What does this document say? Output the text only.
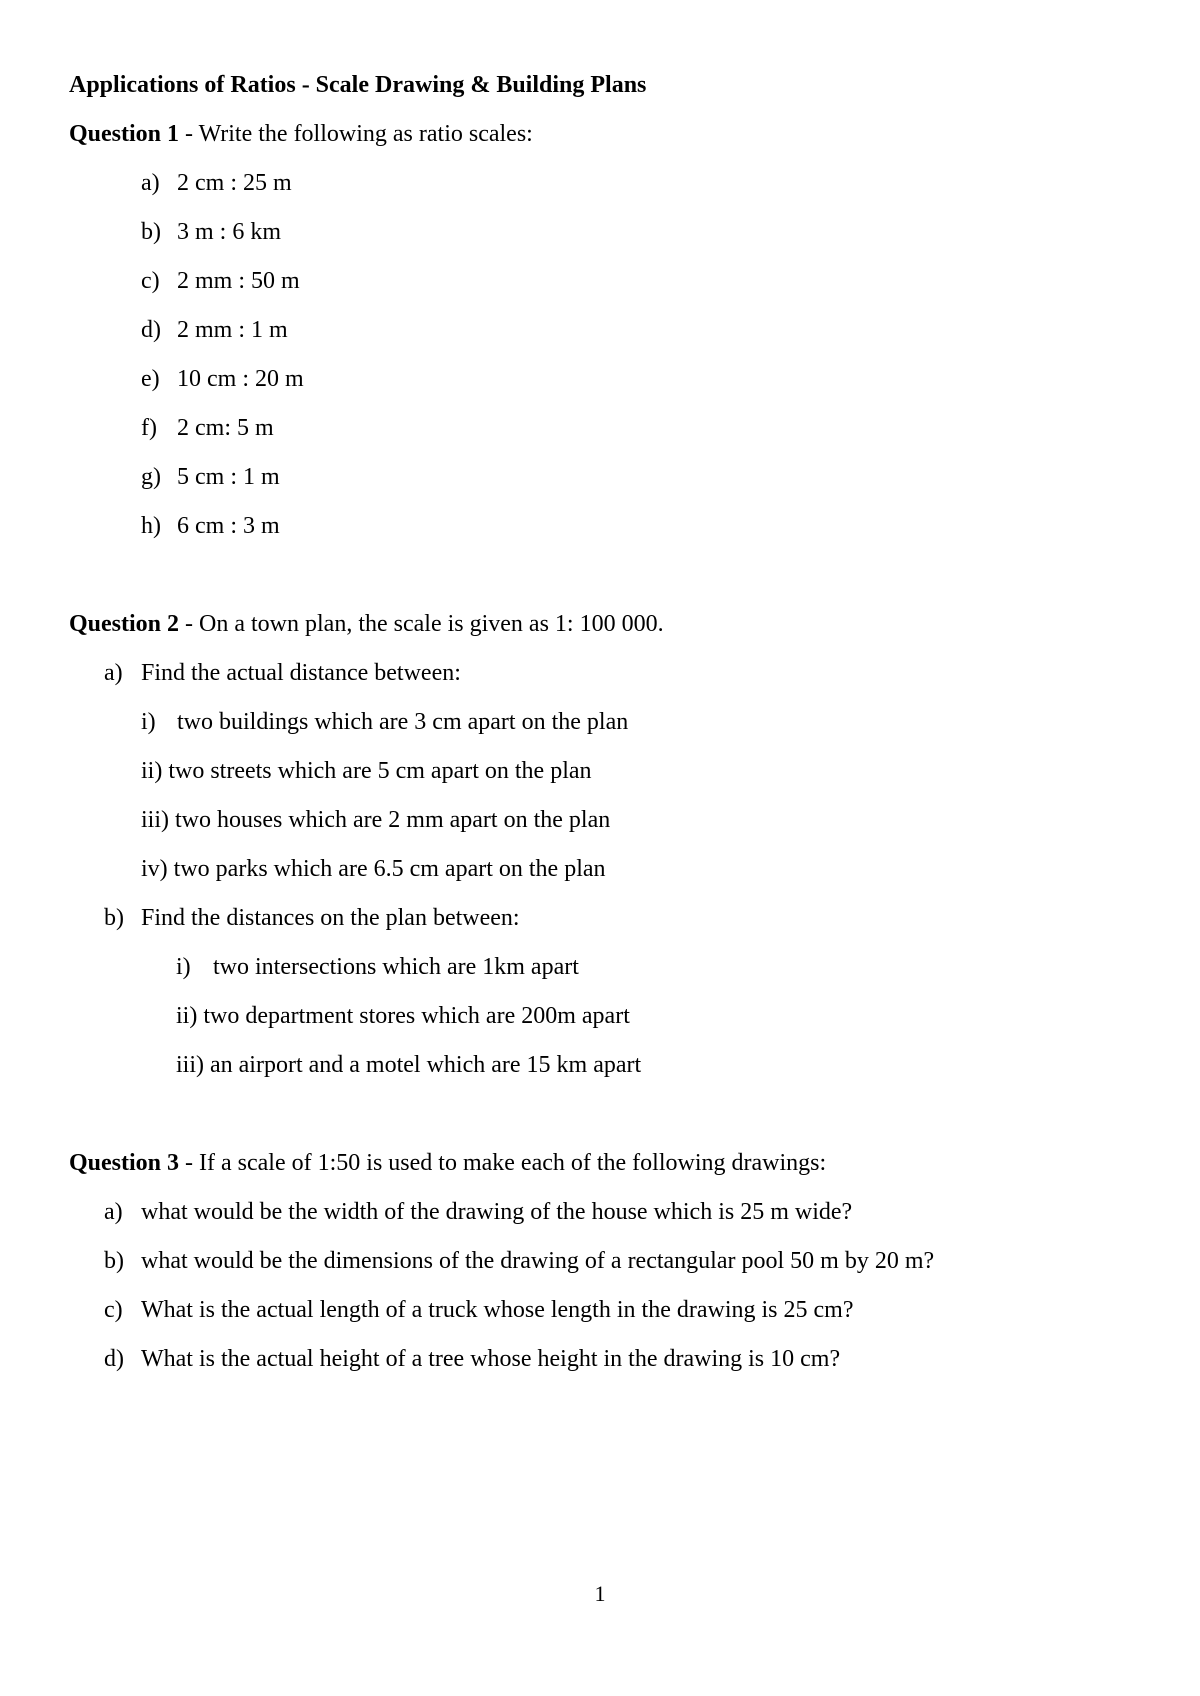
Applications of Ratios - Scale Drawing & Building Plans
Question 1 - Write the following as ratio scales:
a) 2 cm : 25 m
b) 3 m : 6 km
c) 2 mm : 50 m
d) 2 mm : 1 m
e) 10 cm : 20 m
f) 2 cm: 5 m
g) 5 cm : 1 m
h) 6 cm : 3 m
Question 2 - On a town plan, the scale is given as 1: 100 000.
a) Find the actual distance between:
i) two buildings which are 3 cm apart on the plan
ii) two streets which are 5 cm apart on the plan
iii) two houses which are 2 mm apart on the plan
iv) two parks which are 6.5 cm apart on the plan
b) Find the distances on the plan between:
i) two intersections which are 1km apart
ii) two department stores which are 200m apart
iii) an airport and a motel which are 15 km apart
Question 3 - If a scale of 1:50 is used to make each of the following drawings:
a) what would be the width of the drawing of the house which is 25 m wide?
b) what would be the dimensions of the drawing of a rectangular pool 50 m by 20 m?
c) What is the actual length of a truck whose length in the drawing is 25 cm?
d) What is the actual height of a tree whose height in the drawing is 10 cm?
1
